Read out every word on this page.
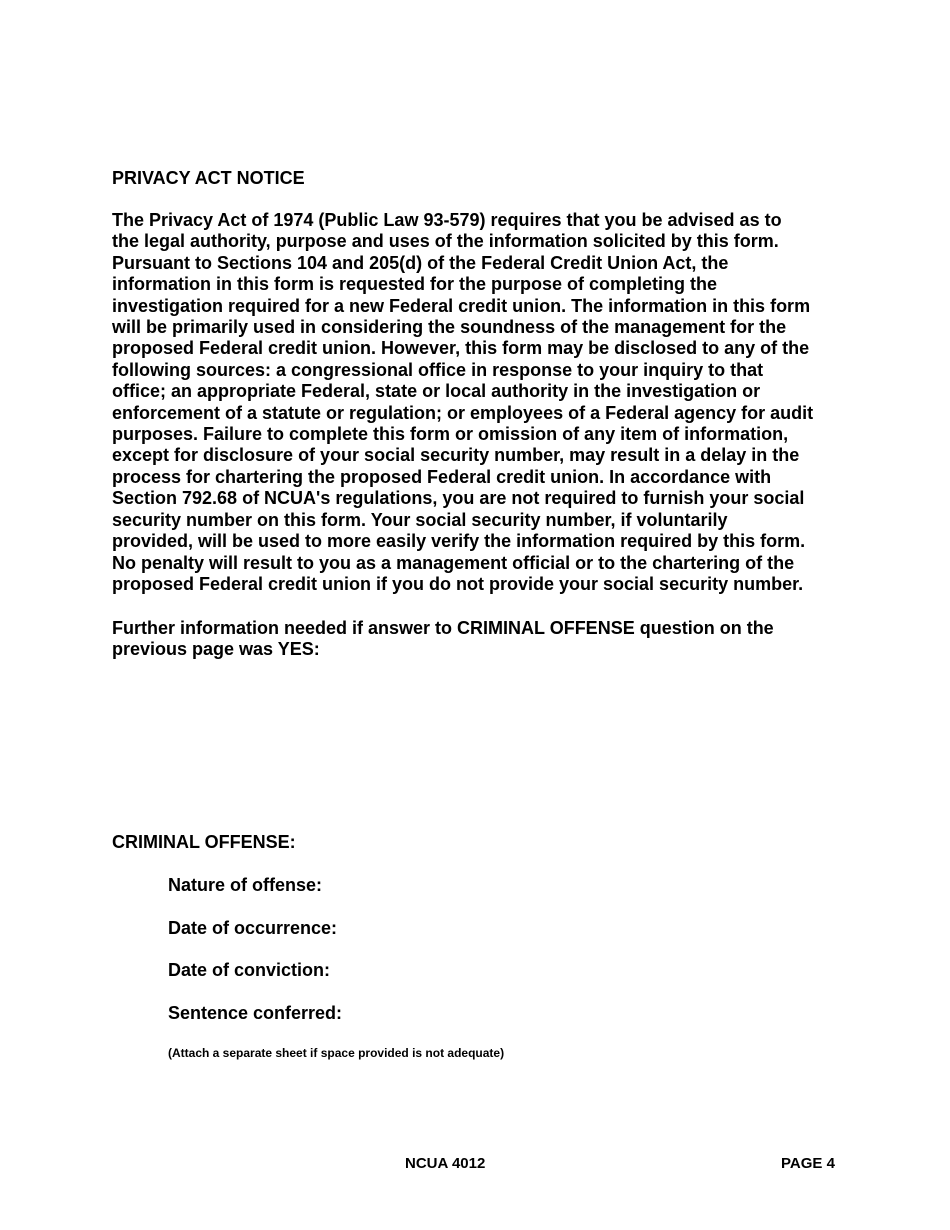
PRIVACY ACT NOTICE
The Privacy Act of 1974 (Public Law 93-579) requires that you be advised as to
the legal authority, purpose and uses of the information solicited by this form.
Pursuant to Sections 104 and 205(d) of the Federal Credit Union Act, the
information in this form is requested for the purpose of completing the
investigation required for a new Federal credit union. The information in this form
will be primarily used in considering the soundness of the management for the
proposed Federal credit union. However, this form may be disclosed to any of the
following sources: a congressional office in response to your inquiry to that
office; an appropriate Federal, state or local authority in the investigation or
enforcement of a statute or regulation; or employees of a Federal agency for audit
purposes. Failure to complete this form or omission of any item of information,
except for disclosure of your social security number, may result in a delay in the
process for chartering the proposed Federal credit union. In accordance with
Section 792.68 of NCUA's regulations, you are not required to furnish your social
security number on this form. Your social security number, if voluntarily
provided, will be used to more easily verify the information required by this form.
No penalty will result to you as a management official or to the chartering of the
proposed Federal credit union if you do not provide your social security number.
Further information needed if answer to CRIMINAL OFFENSE question on the
previous page was YES:
CRIMINAL OFFENSE:
Nature of offense:
Date of occurrence:
Date of conviction:
Sentence conferred:
(Attach a separate sheet if space provided is not adequate)
NCUA 4012	PAGE 4
